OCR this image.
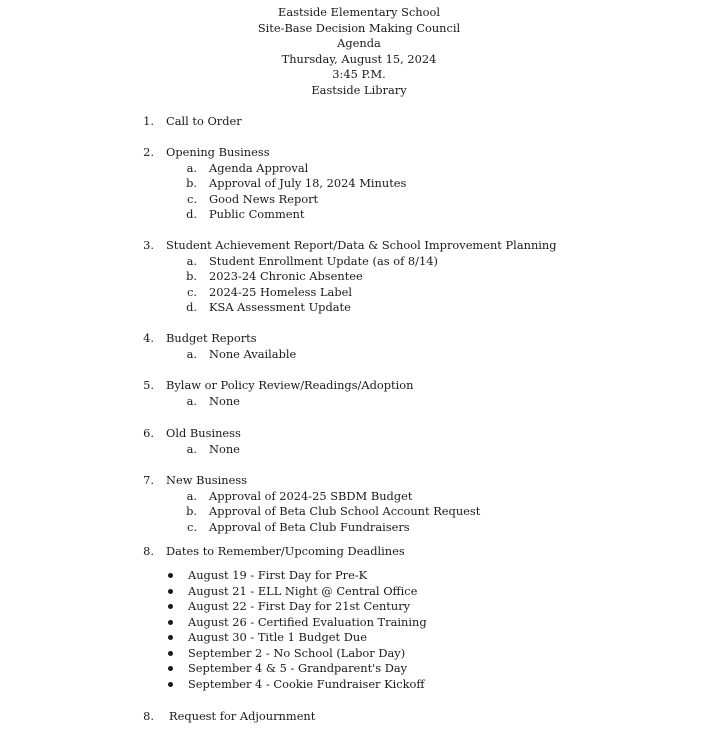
Eastside Elementary School
Site-Base Decision Making Council
Agenda
Thursday, August 15, 2024
3:45 P.M.
Eastside Library
1. Call to Order
2. Opening Business
a. Agenda Approval
b. Approval of July 18, 2024 Minutes
c. Good News Report
d. Public Comment
3. Student Achievement Report/Data & School Improvement Planning
a. Student Enrollment Update (as of 8/14)
b. 2023-24 Chronic Absentee
c. 2024-25 Homeless Label
d. KSA Assessment Update
4. Budget Reports
a. None Available
5. Bylaw or Policy Review/Readings/Adoption
a. None
6. Old Business
a. None
7. New Business
a. Approval of 2024-25 SBDM Budget
b. Approval of Beta Club School Account Request
c. Approval of Beta Club Fundraisers
8. Dates to Remember/Upcoming Deadlines
August 19 - First Day for Pre-K
August 21 - ELL Night @ Central Office
August 22 - First Day for 21st Century
August 26 - Certified Evaluation Training
August 30 - Title 1 Budget Due
September 2 - No School (Labor Day)
September 4 & 5 - Grandparent's Day
September 4 - Cookie Fundraiser Kickoff
8. Request for Adjournment
